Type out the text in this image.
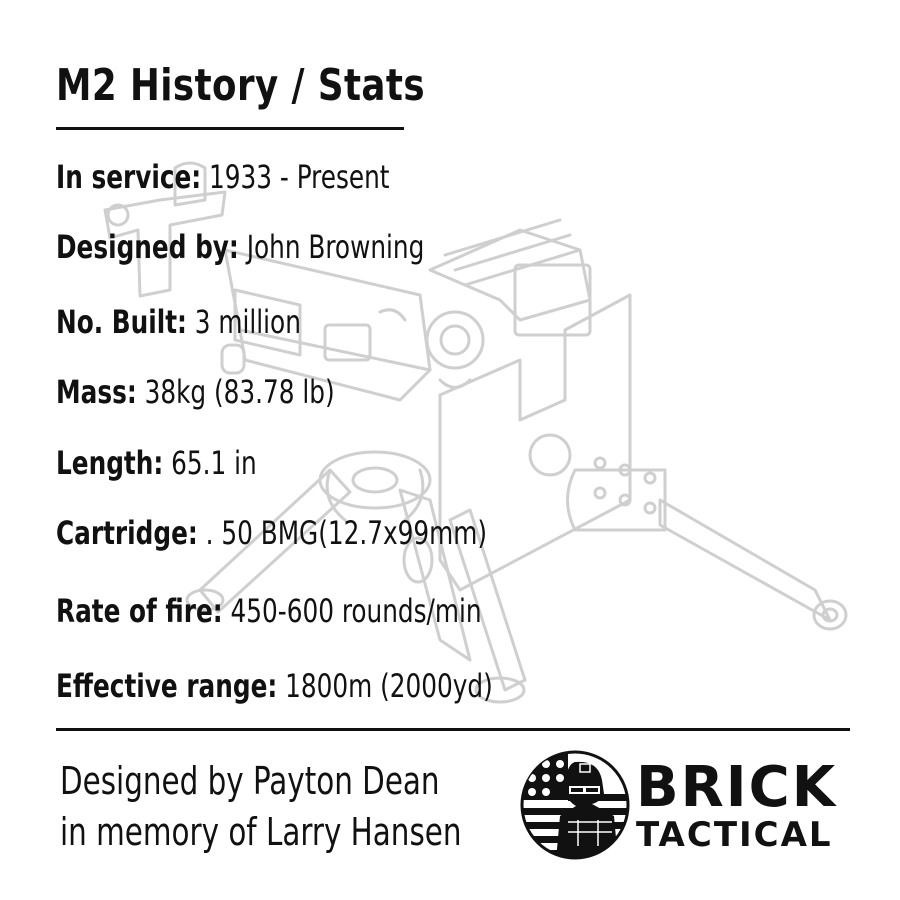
M2 History / Stats
In service: 1933 - Present
Designed by: John Browning
No. Built: 3 million
Mass: 38kg (83.78 lb)
Length: 65.1 in
Cartridge: . 50 BMG(12.7x99mm)
Rate of fire: 450-600 rounds/min
Effective range: 1800m (2000yd)
Designed by Payton Dean
in memory of Larry Hansen
BRICK
TACTICAL
